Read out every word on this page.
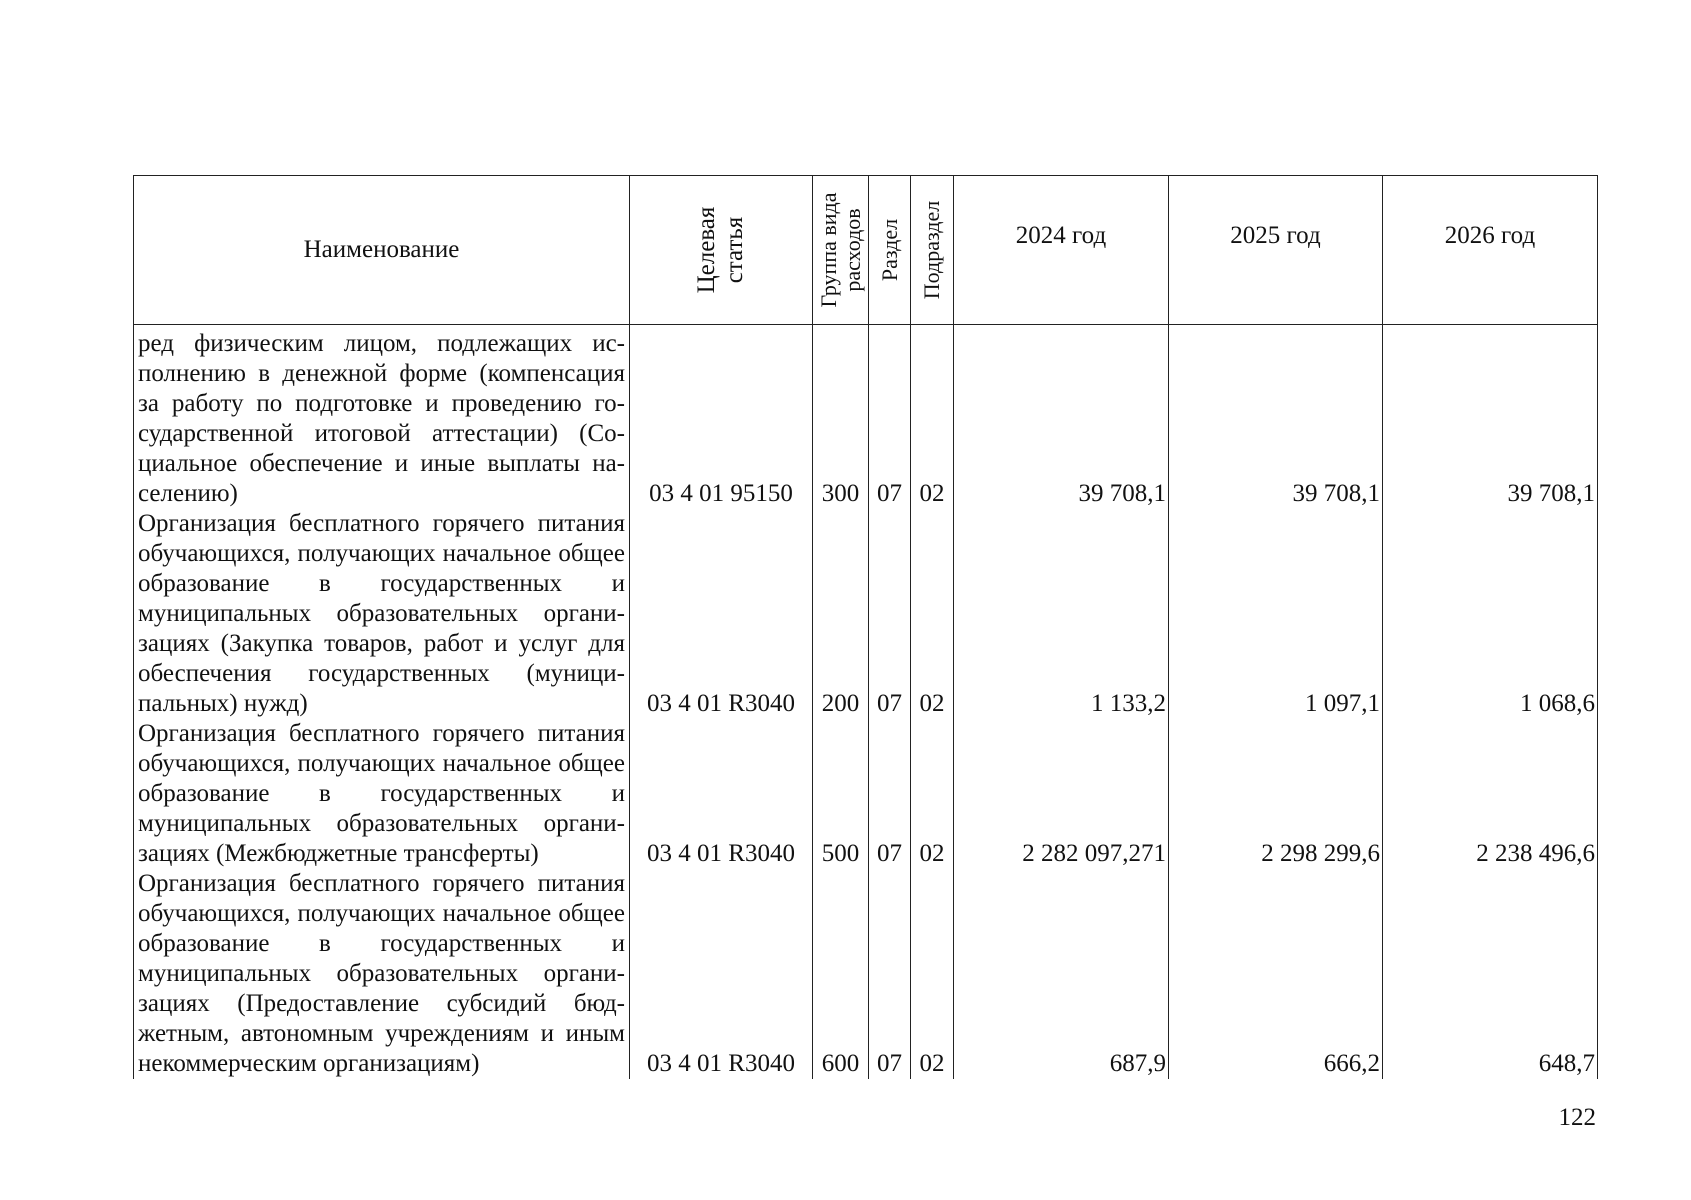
Наименование	Целевая статья	Группа вида расходов	Раздел	Подраздел	2024 год	2025 год	2026 год
ред физическим лицом, подлежащих исполнению в денежной форме (компенсация за работу по подготовке и проведению государственной итоговой аттестации) (Социальное обеспечение и иные выплаты населению)	03 4 01 95150	300	07	02	39 708,1	39 708,1	39 708,1
Организация бесплатного горячего питания обучающихся, получающих начальное общее образование в государственных и муниципальных образовательных организациях (Закупка товаров, работ и услуг для обеспечения государственных (муниципальных) нужд)	03 4 01 R3040	200	07	02	1 133,2	1 097,1	1 068,6
Организация бесплатного горячего питания обучающихся, получающих начальное общее образование в государственных и муниципальных образовательных организациях (Межбюджетные трансферты)	03 4 01 R3040	500	07	02	2 282 097,271	2 298 299,6	2 238 496,6
Организация бесплатного горячего питания обучающихся, получающих начальное общее образование в государственных и муниципальных образовательных организациях (Предоставление субсидий бюджетным, автономным учреждениям и иным некоммерческим организациям)	03 4 01 R3040	600	07	02	687,9	666,2	648,7
122
